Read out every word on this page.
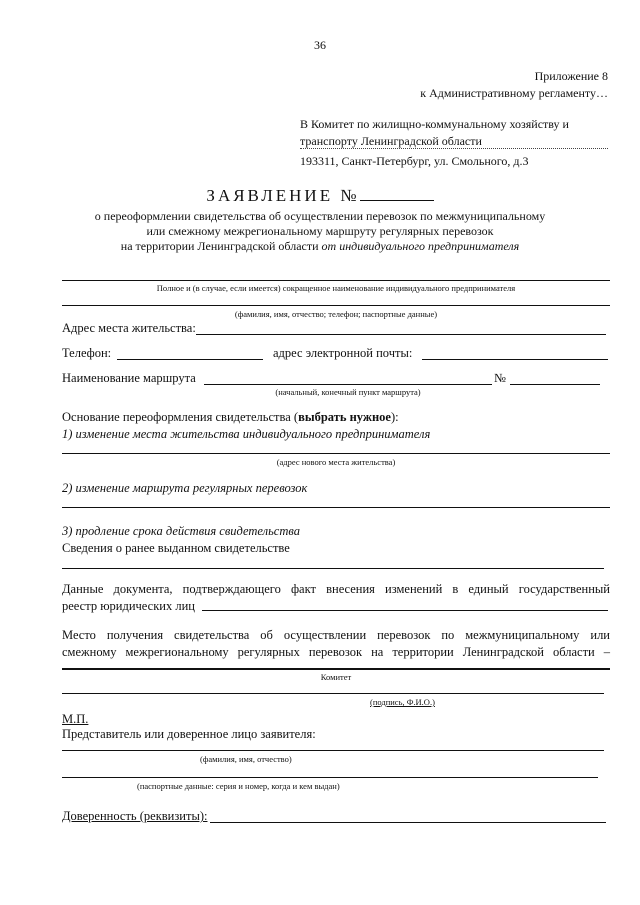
36
Приложение 8
к Административному регламенту…
В Комитет по жилищно-коммунальному хозяйству и
транспорту Ленинградской области
193311, Санкт-Петербург, ул. Смольного, д.3
ЗАЯВЛЕНИЕ №
о переоформлении свидетельства об осуществлении перевозок по межмуниципальному
или смежному межрегиональному маршруту регулярных перевозок
на территории Ленинградской области от индивидуального предпринимателя
Полное и (в случае, если имеется) сокращенное наименование индивидуального предпринимателя
(фамилия, имя, отчество; телефон; паспортные данные)
Адрес места жительства:
Телефон:	адрес электронной почты:
Наименование маршрута	№
(начальный, конечный пункт маршрута)
Основание переоформления свидетельства (выбрать нужное):
1) изменение места жительства индивидуального предпринимателя
(адрес нового места жительства)
2) изменение маршрута регулярных перевозок
3) продление срока действия свидетельства
Сведения о ранее выданном свидетельстве
Данные документа, подтверждающего факт внесения изменений в единый государственный
реестр юридических лиц
Место получения свидетельства об осуществлении перевозок по межмуниципальному или
смежному межрегиональному регулярных перевозок на территории Ленинградской области –
Комитет
(подпись, Ф.И.О.)
М.П.
Представитель или доверенное лицо заявителя:
(фамилия, имя, отчество)
(паспортные данные: серия и номер, когда и кем выдан)
Доверенность (реквизиты):
